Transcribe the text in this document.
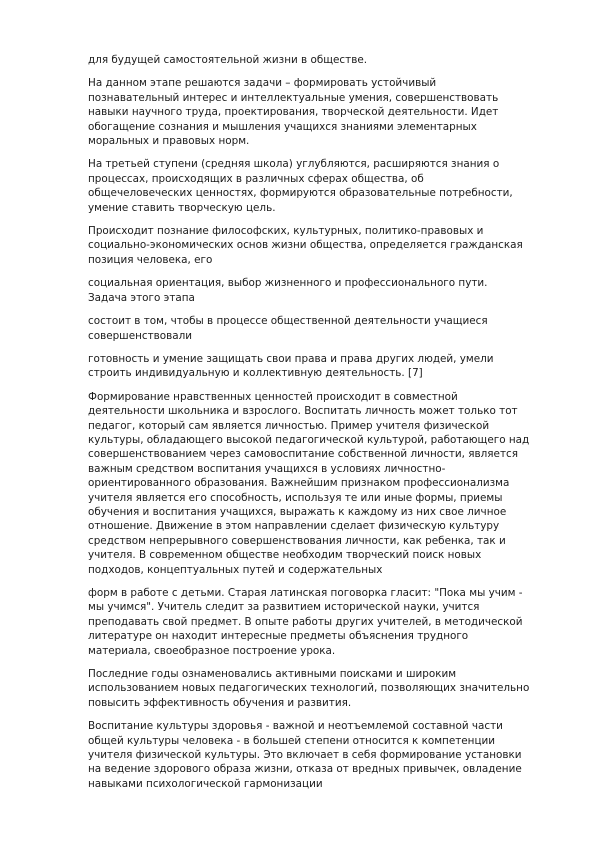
для будущей самостоятельной жизни в обществе.

На данном этапе решаются задачи – формировать устойчивый
познавательный интерес и интеллектуальные умения, совершенствовать
навыки научного труда, проектирования, творческой деятельности. Идет
обогащение сознания и мышления учащихся знаниями элементарных
моральных и правовых норм.

На третьей ступени (средняя школа) углубляются, расширяются знания о
процессах, происходящих в различных сферах общества, об
общечеловеческих ценностях, формируются образовательные потребности,
умение ставить творческую цель.

Происходит познание философских, культурных, политико-правовых и
социально-экономических основ жизни общества, определяется гражданская
позиция человека, его

социальная ориентация, выбор жизненного и профессионального пути.
Задача этого этапа

состоит в том, чтобы в процессе общественной деятельности учащиеся
совершенствовали

готовность и умение защищать свои права и права других людей, умели
строить индивидуальную и коллективную деятельность. [7]

Формирование нравственных ценностей происходит в совместной
деятельности школьника и взрослого. Воспитать личность может только тот
педагог, который сам является личностью. Пример учителя физической
культуры, обладающего высокой педагогической культурой, работающего над
совершенствованием через самовоспитание собственной личности, является
важным средством воспитания учащихся в условиях личностно-
ориентированного образования. Важнейшим признаком профессионализма
учителя является его способность, используя те или иные формы, приемы
обучения и воспитания учащихся, выражать к каждому из них свое личное
отношение. Движение в этом направлении сделает физическую культуру
средством непрерывного совершенствования личности, как ребенка, так и
учителя. В современном обществе необходим творческий поиск новых
подходов, концептуальных путей и содержательных

форм в работе с детьми. Старая латинская поговорка гласит: "Пока мы учим -
мы учимся". Учитель следит за развитием исторической науки, учится
преподавать свой предмет. В опыте работы других учителей, в методической
литературе он находит интересные предметы объяснения трудного
материала, своеобразное построение урока.

Последние годы ознаменовались активными поисками и широким
использованием новых педагогических технологий, позволяющих значительно
повысить эффективность обучения и развития.

Воспитание культуры здоровья - важной и неотъемлемой составной части
общей культуры человека - в большей степени относится к компетенции
учителя физической культуры. Это включает в себя формирование установки
на ведение здорового образа жизни, отказа от вредных привычек, овладение
навыками психологической гармонизации
